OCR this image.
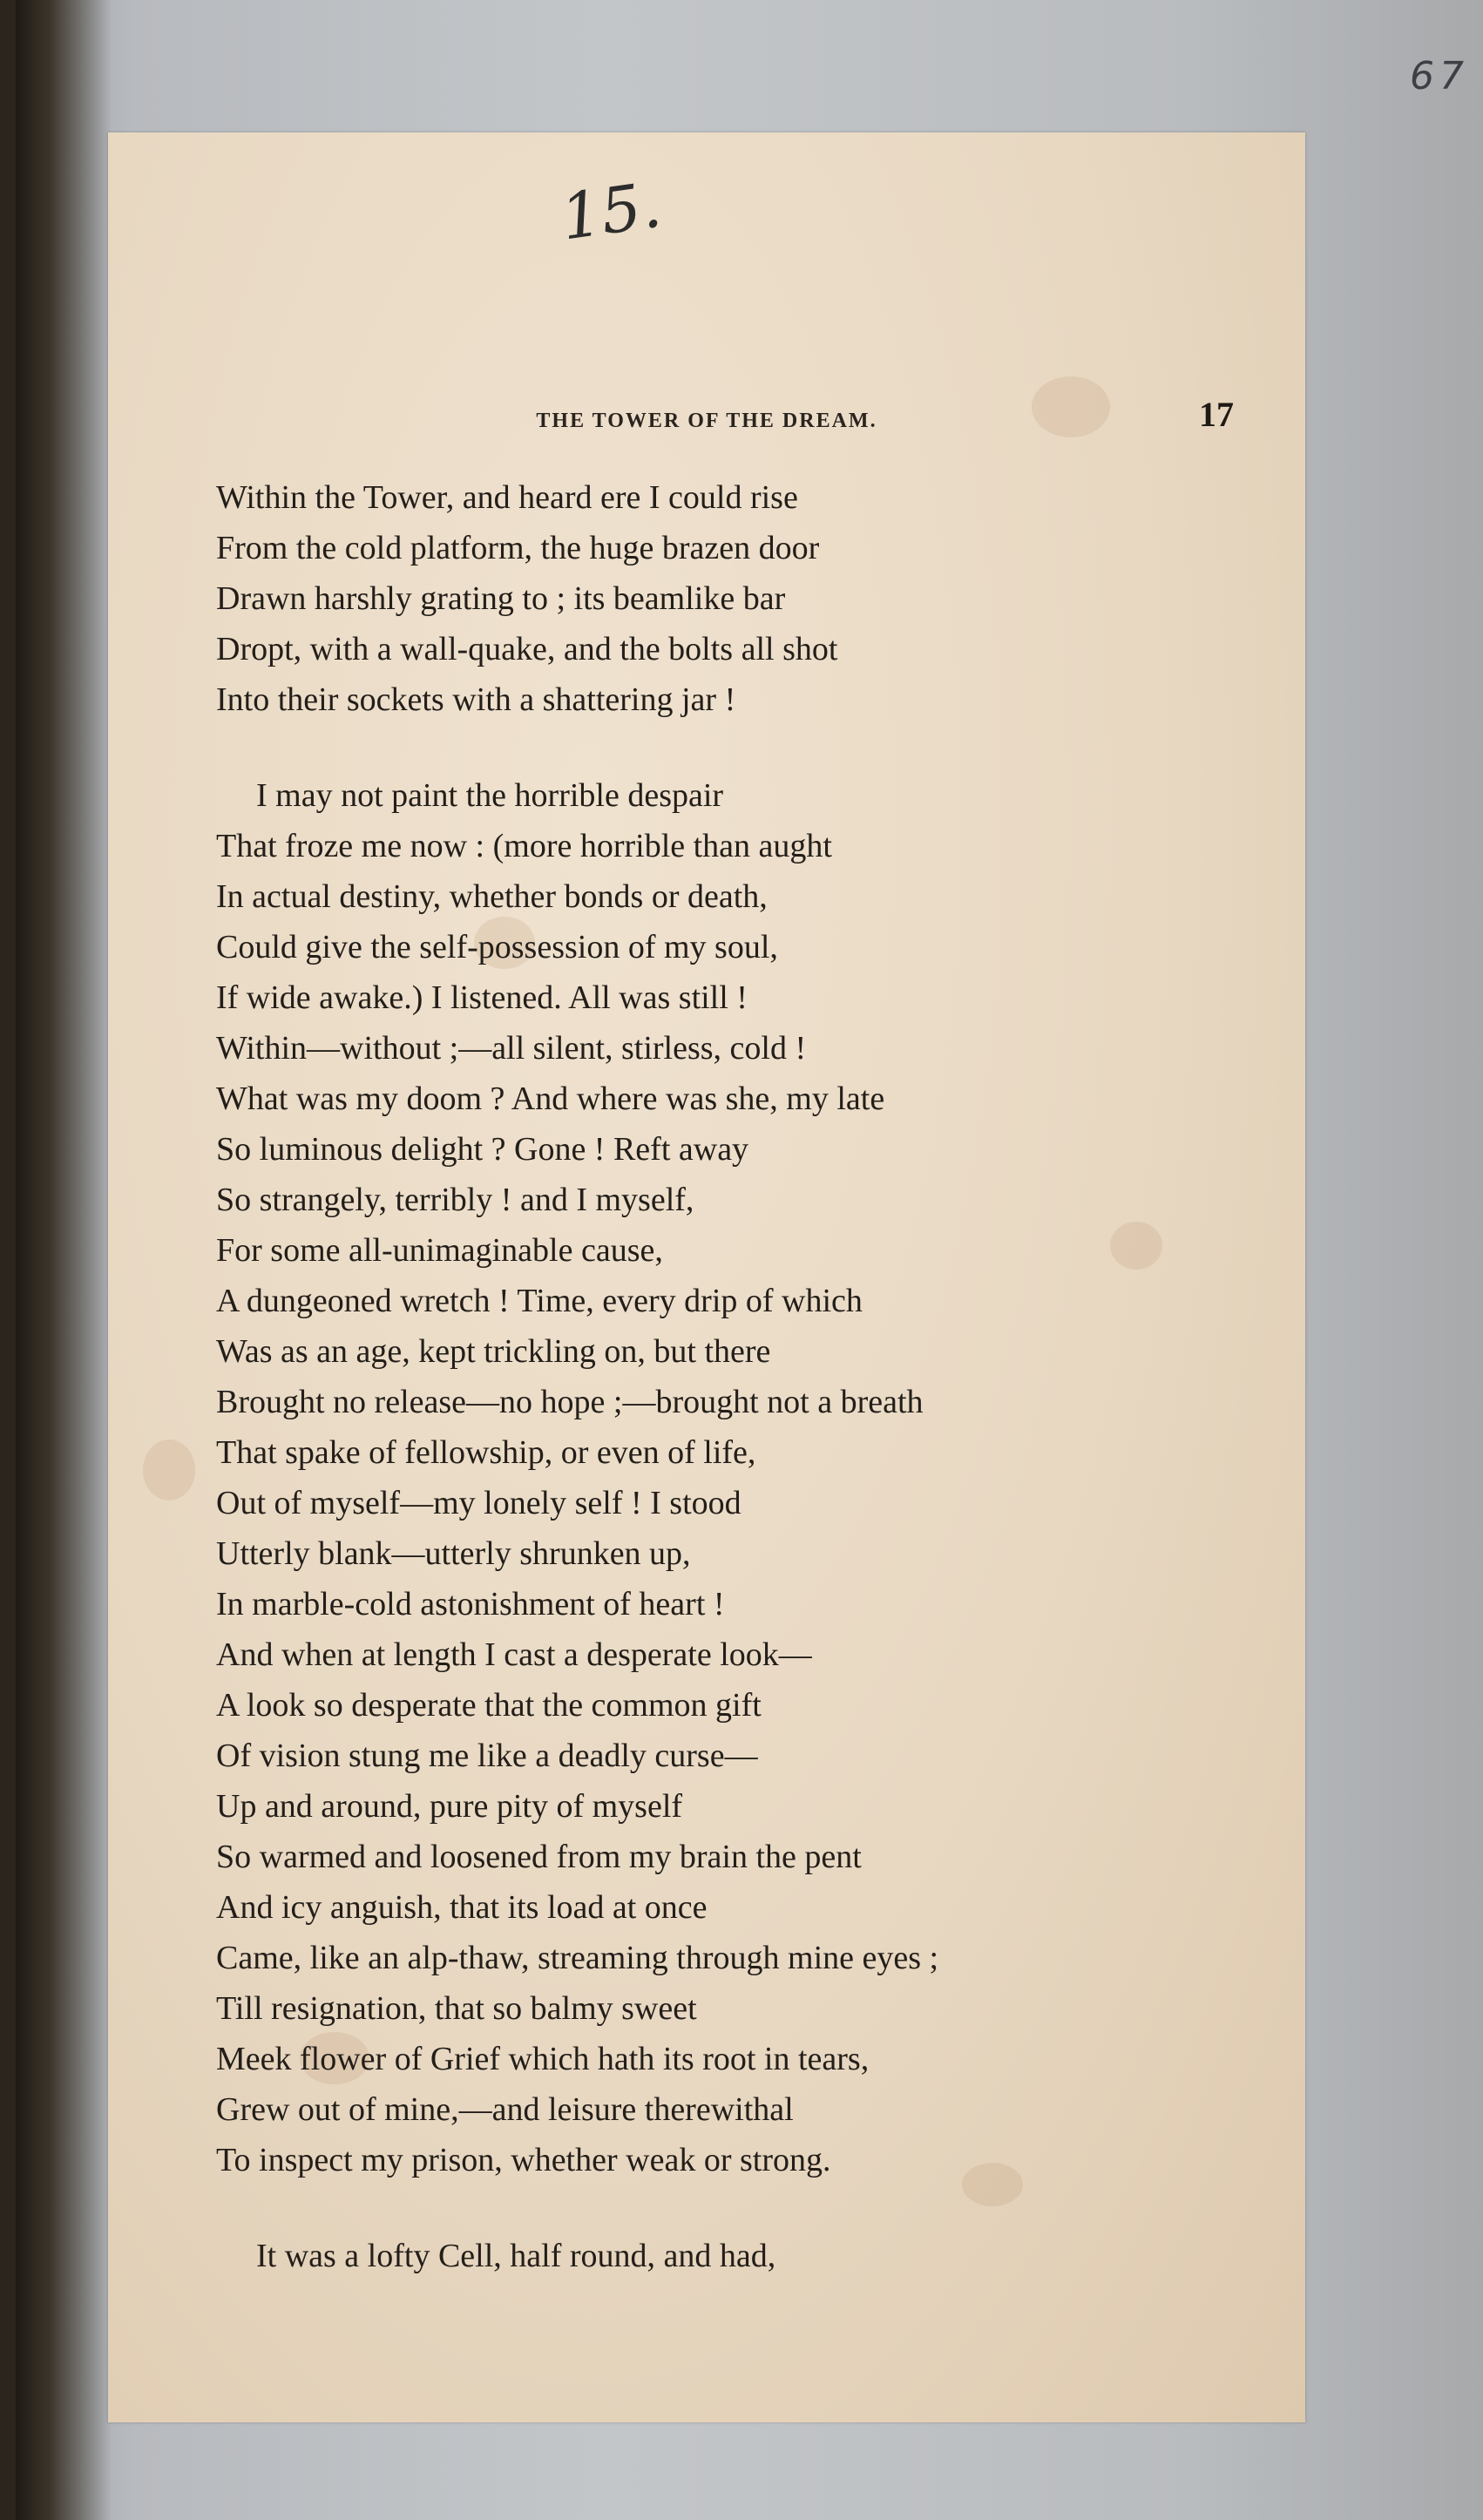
67
15.
THE TOWER OF THE DREAM.	17
Within the Tower, and heard ere I could rise
From the cold platform, the huge brazen door
Drawn harshly grating to ; its beamlike bar
Dropt, with a wall-quake, and the bolts all shot
Into their sockets with a shattering jar !
I may not paint the horrible despair
That froze me now : (more horrible than aught
In actual destiny, whether bonds or death,
Could give the self-possession of my soul,
If wide awake.) I listened. All was still !
Within—without ;—all silent, stirless, cold !
What was my doom ? And where was she, my late
So luminous delight ? Gone ! Reft away
So strangely, terribly ! and I myself,
For some all-unimaginable cause,
A dungeoned wretch ! Time, every drip of which
Was as an age, kept trickling on, but there
Brought no release—no hope ;—brought not a breath
That spake of fellowship, or even of life,
Out of myself—my lonely self ! I stood
Utterly blank—utterly shrunken up,
In marble-cold astonishment of heart !
And when at length I cast a desperate look—
A look so desperate that the common gift
Of vision stung me like a deadly curse—
Up and around, pure pity of myself
So warmed and loosened from my brain the pent
And icy anguish, that its load at once
Came, like an alp-thaw, streaming through mine eyes ;
Till resignation, that so balmy sweet
Meek flower of Grief which hath its root in tears,
Grew out of mine,—and leisure therewithal
To inspect my prison, whether weak or strong.
It was a lofty Cell, half round, and had,
